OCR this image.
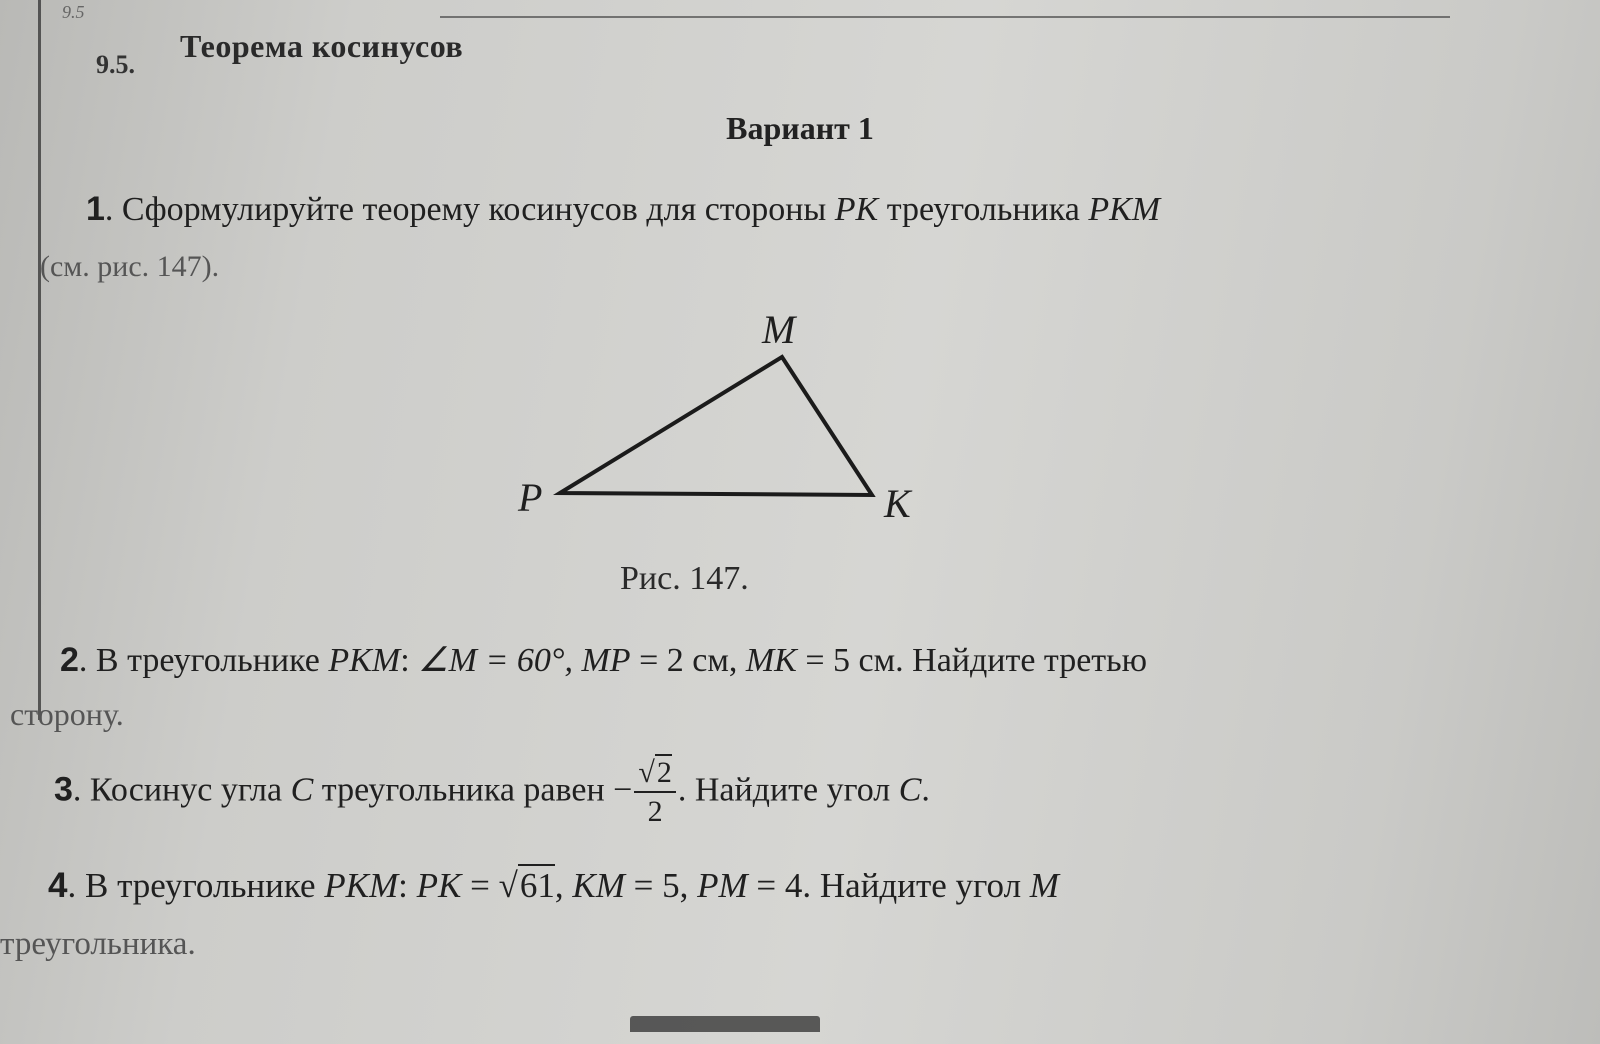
9.5
9.5.
Теорема косинусов
Вариант 1
1. Сформулируйте теорему косинусов для стороны PK треугольника PKM
(см. рис. 147).
M
P	K
Рис. 147.
2. В треугольнике PKM: ∠M = 60°, MP = 2 см, MK = 5 см. Найдите третью
сторону.
3. Косинус угла C треугольника равен − $\frac{√2}{2}$ . Найдите угол C.
4. В треугольнике PKM: PK = √61, KM = 5, PM = 4. Найдите угол M
треугольника.
